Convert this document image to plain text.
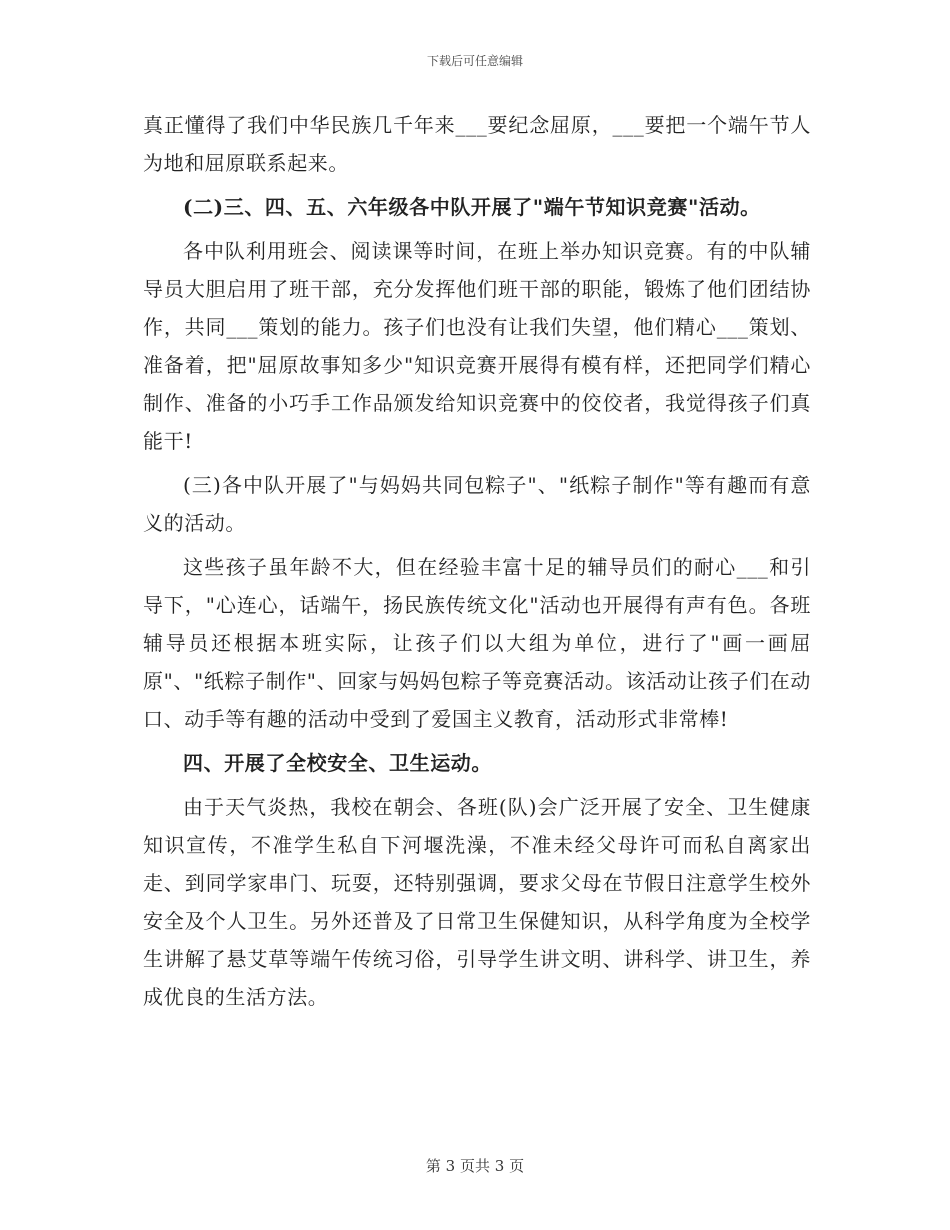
下载后可任意编辑

真正懂得了我们中华民族几千年来___要纪念屈原，___要把一个端午节人为地和屈原联系起来。

(二)三、四、五、六年级各中队开展了"端午节知识竞赛"活动。

各中队利用班会、阅读课等时间，在班上举办知识竞赛。有的中队辅导员大胆启用了班干部，充分发挥他们班干部的职能，锻炼了他们团结协作，共同___策划的能力。孩子们也没有让我们失望，他们精心___策划、准备着，把"屈原故事知多少"知识竞赛开展得有模有样，还把同学们精心制作、准备的小巧手工作品颁发给知识竞赛中的佼佼者，我觉得孩子们真能干!

(三)各中队开展了"与妈妈共同包粽子"、"纸粽子制作"等有趣而有意义的活动。

这些孩子虽年龄不大，但在经验丰富十足的辅导员们的耐心___和引导下，"心连心，话端午，扬民族传统文化"活动也开展得有声有色。各班辅导员还根据本班实际，让孩子们以大组为单位，进行了"画一画屈原"、"纸粽子制作"、回家与妈妈包粽子等竞赛活动。该活动让孩子们在动口、动手等有趣的活动中受到了爱国主义教育，活动形式非常棒!

四、开展了全校安全、卫生运动。

由于天气炎热，我校在朝会、各班(队)会广泛开展了安全、卫生健康知识宣传，不准学生私自下河堰洗澡，不准未经父母许可而私自离家出走、到同学家串门、玩耍，还特别强调，要求父母在节假日注意学生校外安全及个人卫生。另外还普及了日常卫生保健知识，从科学角度为全校学生讲解了悬艾草等端午传统习俗，引导学生讲文明、讲科学、讲卫生，养成优良的生活方法。

第 3 页共 3 页
